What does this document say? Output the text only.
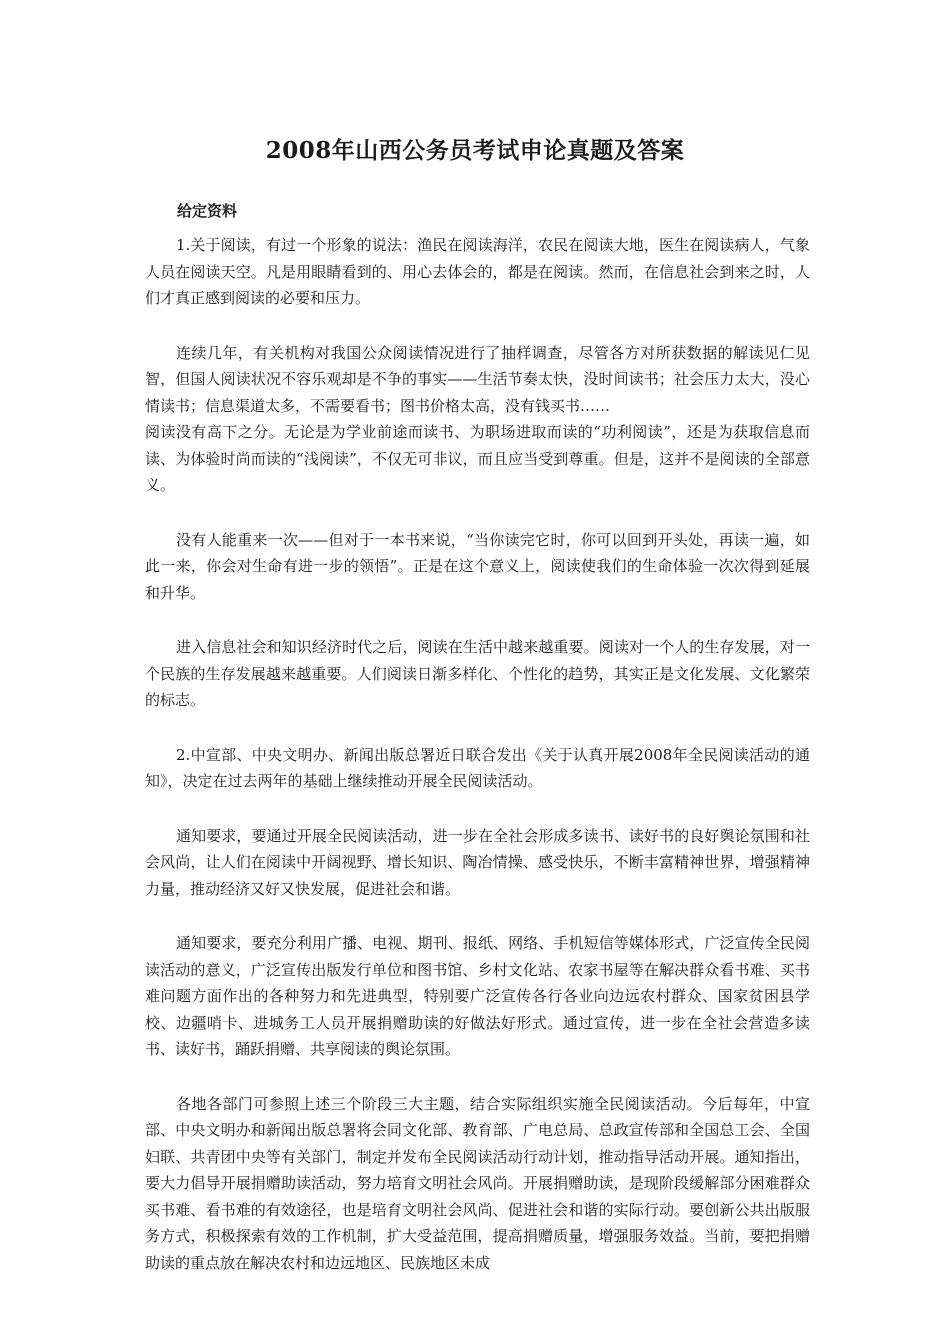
2008年山西公务员考试申论真题及答案
给定资料

1.关于阅读，有过一个形象的说法：渔民在阅读海洋，农民在阅读大地，医生在阅读病人，气象人员在阅读天空。凡是用眼睛看到的、用心去体会的，都是在阅读。然而，在信息社会到来之时，人们才真正感到阅读的必要和压力。

连续几年，有关机构对我国公众阅读情况进行了抽样调查，尽管各方对所获数据的解读见仁见智，但国人阅读状况不容乐观却是不争的事实——生活节奏太快，没时间读书；社会压力太大，没心情读书；信息渠道太多，不需要看书；图书价格太高，没有钱买书……

阅读没有高下之分。无论是为学业前途而读书、为职场进取而读的“功利阅读”，还是为获取信息而读、为体验时尚而读的“浅阅读”，不仅无可非议，而且应当受到尊重。但是，这并不是阅读的全部意义。

没有人能重来一次——但对于一本书来说，“当你读完它时，你可以回到开头处，再读一遍，如此一来，你会对生命有进一步的领悟”。正是在这个意义上，阅读使我们的生命体验一次次得到延展和升华。

进入信息社会和知识经济时代之后，阅读在生活中越来越重要。阅读对一个人的生存发展，对一个民族的生存发展越来越重要。人们阅读日渐多样化、个性化的趋势，其实正是文化发展、文化繁荣的标志。

2.中宣部、中央文明办、新闻出版总署近日联合发出《关于认真开展2008年全民阅读活动的通知》，决定在过去两年的基础上继续推动开展全民阅读活动。

通知要求，要通过开展全民阅读活动，进一步在全社会形成多读书、读好书的良好舆论氛围和社会风尚，让人们在阅读中开阔视野、增长知识、陶冶情操、感受快乐，不断丰富精神世界，增强精神力量，推动经济又好又快发展，促进社会和谐。

通知要求，要充分利用广播、电视、期刊、报纸、网络、手机短信等媒体形式，广泛宣传全民阅读活动的意义，广泛宣传出版发行单位和图书馆、乡村文化站、农家书屋等在解决群众看书难、买书难问题方面作出的各种努力和先进典型，特别要广泛宣传各行各业向边远农村群众、国家贫困县学校、边疆哨卡、进城务工人员开展捐赠助读的好做法好形式。通过宣传，进一步在全社会营造多读书、读好书，踊跃捐赠、共享阅读的舆论氛围。

各地各部门可参照上述三个阶段三大主题，结合实际组织实施全民阅读活动。今后每年，中宣部、中央文明办和新闻出版总署将会同文化部、教育部、广电总局、总政宣传部和全国总工会、全国妇联、共青团中央等有关部门，制定并发布全民阅读活动行动计划，推动指导活动开展。通知指出，要大力倡导开展捐赠助读活动，努力培育文明社会风尚。开展捐赠助读，是现阶段缓解部分困难群众买书难、看书难的有效途径，也是培育文明社会风尚、促进社会和谐的实际行动。要创新公共出版服务方式，积极探索有效的工作机制，扩大受益范围，提高捐赠质量，增强服务效益。当前，要把捐赠助读的重点放在解决农村和边远地区、民族地区未成
